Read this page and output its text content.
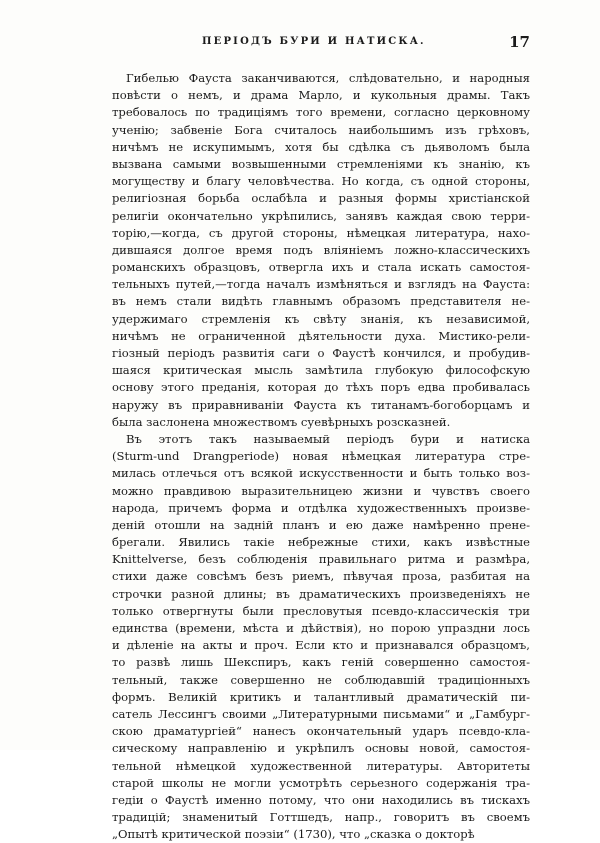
ПЕРІОДЪ БУРИ И НАТИСКА.	17

Гибелью Фауста заканчиваются, слѣдовательно, и народныя
повѣсти о немъ, и драма Марло, и кукольныя драмы. Такъ
требовалось по традиціямъ того времени, согласно церковному
ученію; забвеніе Бога считалось наибольшимъ изъ грѣховъ,
ничѣмъ не искупимымъ, хотя бы сдѣлка съ дьяволомъ была
вызвана самыми возвышенными стремленіями къ знанію, къ
могуществу и благу человѣчества. Но когда, съ одной стороны,
религіозная борьба ослабѣла и разныя формы христіанской
религіи окончательно укрѣпились, занявъ каждая свою терри-
торію,—когда, съ другой стороны, нѣмецкая литература, нахо-
дившаяся долгое время подъ вліяніемъ ложно-классическихъ
романскихъ образцовъ, отвергла ихъ и стала искать самостоя-
тельныхъ путей,—тогда началъ измѣняться и взглядъ на Фауста:
въ немъ стали видѣть главнымъ образомъ представителя не-
удержимаго стремленія къ свѣту знанія, къ независимой,
ничѣмъ не ограниченной дѣятельности духа. Мистико-рели-
гіозный періодъ развитія саги о Фаустѣ кончился, и пробудив-
шаяся критическая мысль замѣтила глубокую философскую
основу этого преданія, которая до тѣхъ поръ едва пробивалась
наружу въ приравниваніи Фауста къ титанамъ-богоборцамъ и
была заслонена множествомъ суевѣрныхъ розсказней.

Въ этотъ такъ называемый періодъ бури и натиска
(Sturm-und Drangperiode) новая нѣмецкая литература стре-
милась отлечься отъ всякой искусственности и быть только воз-
можно правдивою выразительницею жизни и чувствъ своего
народа, причемъ форма и отдѣлка художественныхъ произве-
деній отошли на задній планъ и ею даже намѣренно прене-
брегали. Явились такіе небрежные стихи, какъ извѣстные
Knittelverse, безъ соблюденія правильнаго ритма и размѣра,
стихи даже совсѣмъ безъ риемъ, пѣвучая проза, разбитая на
строчки разной длины; въ драматическихъ произведеніяхъ не
только отвергнуты были пресловутыя псевдо-классическія три
единства (времени, мѣста и дѣйствія), но порою упраздни лось
и дѣленіе на акты и проч. Если кто и признавался образцомъ,
то развѣ лишь Шекспиръ, какъ геній совершенно самостоя-
тельный, также совершенно не соблюдавшій традиціонныхъ
формъ. Великій критикъ и талантливый драматическій пи-
сатель Лессингъ своими „Литературными письмами“ и „Гамбург-
скою драматургіей“ нанесъ окончательный ударъ псевдо-кла-
сическому направленію и укрѣпилъ основы новой, самостоя-
тельной нѣмецкой художественной литературы. Авторитеты
старой школы не могли усмотрѣть серьезного содержанія тра-
гедіи о Фаустѣ именно потому, что они находились въ тискахъ
традицій; знаменитый Готтшедъ, напр., говоритъ въ своемъ
„Опытѣ критической поэзіи“ (1730), что „сказка о докторѣ
